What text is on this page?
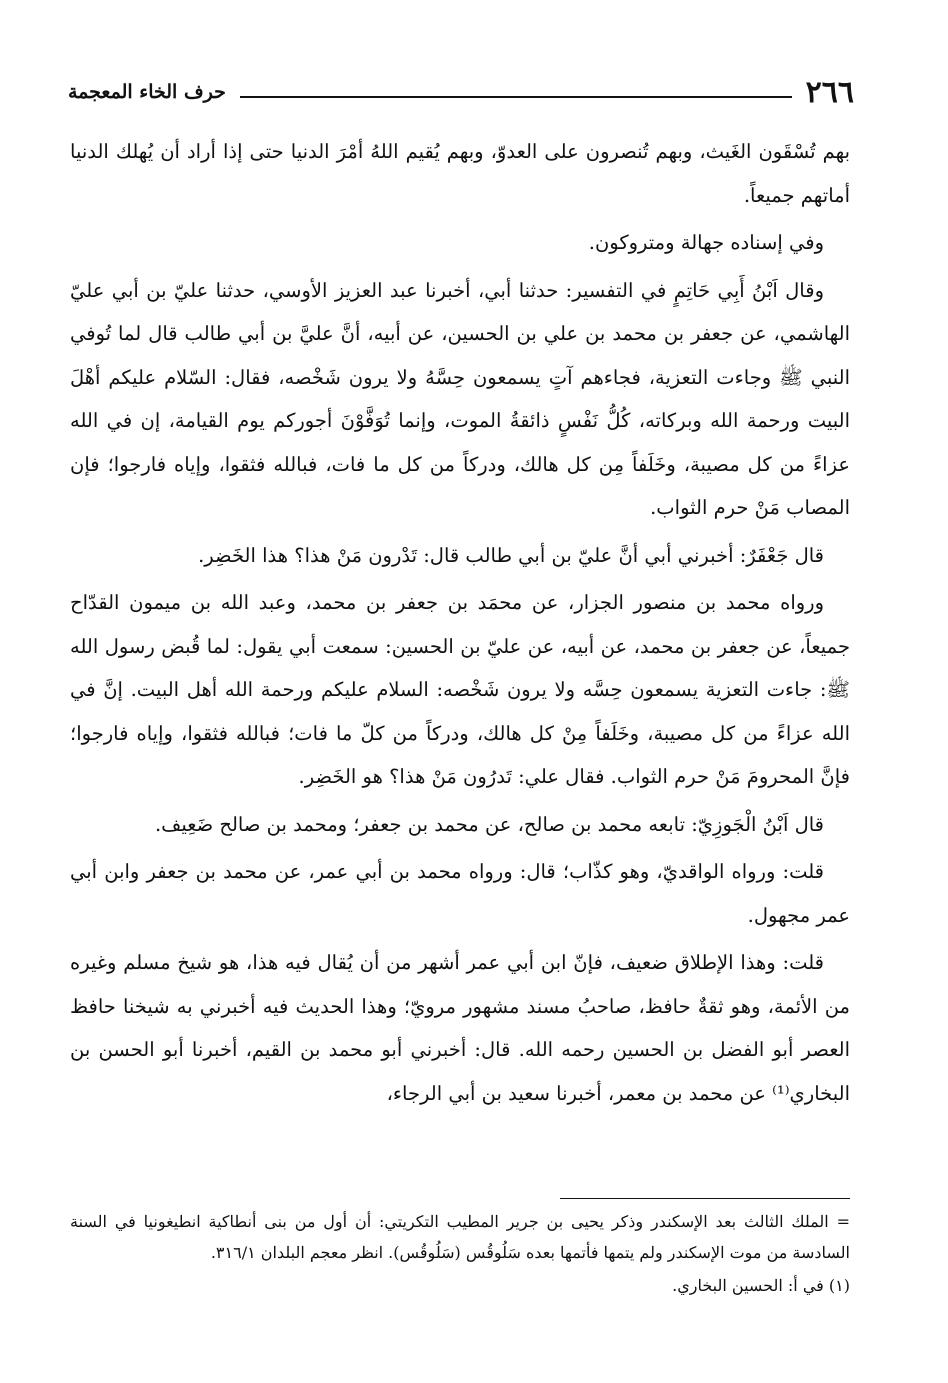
٢٦٦
حرف الخاء المعجمة

بهم تُسْقَون الغَيث، وبهم تُنصرون على العدوّ، وبهم يُقيم اللهُ أمْرَ الدنيا حتى إذا أراد أن يُهلك الدنيا أماتهم جميعاً.

وفي إسناده جهالة ومتروكون.

وقال اَبْنُ أَبِي حَاتِمٍ في التفسير: حدثنا أبي، أخبرنا عبد العزيز الأوسي، حدثنا عليّ بن أبي عليّ الهاشمي، عن جعفر بن محمد بن علي بن الحسين، عن أبيه، أنَّ عليَّ بن أبي طالب قال لما تُوفي النبي ﷺ وجاءت التعزية، فجاءهم آتٍ يسمعون حِسَّهُ ولا يرون شَخْصه، فقال: السّلام عليكم أهْلَ البيت ورحمة الله وبركاته، كُلُّ نَفْسٍ ذائقةُ الموت، وإنما تُوَفَّوْنَ أجوركم يوم القيامة، إن في الله عزاءً من كل مصيبة، وخَلَفاً مِن كل هالك، ودركاً من كل ما فات، فبالله فثقوا، وإياه فارجوا؛ فإن المصاب مَنْ حرم الثواب.

قال جَعْفَرٌ: أخبرني أبي أنَّ عليّ بن أبي طالب قال: تَدْرون مَنْ هذا؟ هذا الخَضِر.

ورواه محمد بن منصور الجزار، عن محمَد بن جعفر بن محمد، وعبد الله بن ميمون القدّاح جميعاً، عن جعفر بن محمد، عن أبيه، عن عليّ بن الحسين: سمعت أبي يقول: لما قُبض رسول الله ﷺ: جاءت التعزية يسمعون حِسَّه ولا يرون شَخْصه: السلام عليكم ورحمة الله أهل البيت. إنَّ في الله عزاءً من كل مصيبة، وخَلَفاً مِنْ كل هالك، ودركاً من كلّ ما فات؛ فبالله فثقوا، وإياه فارجوا؛ فإنَّ المحرومَ مَنْ حرم الثواب. فقال علي: تَدرُون مَنْ هذا؟ هو الخَضِر.

قال اَبْنُ الْجَوزِيّ: تابعه محمد بن صالح، عن محمد بن جعفر؛ ومحمد بن صالح ضَعِيف.

قلت: ورواه الواقديّ، وهو كذّاب؛ قال: ورواه محمد بن أبي عمر، عن محمد بن جعفر وابن أبي عمر مجهول.

قلت: وهذا الإطلاق ضعيف، فإنّ ابن أبي عمر أشهر من أن يُقال فيه هذا، هو شيخ مسلم وغيره من الأئمة، وهو ثقةٌ حافظ، صاحبُ مسند مشهور مرويّ؛ وهذا الحديث فيه أخبرني به شيخنا حافظ العصر أبو الفضل بن الحسين رحمه الله. قال: أخبرني أبو محمد بن القيم، أخبرنا أبو الحسن بن البخاري⁽¹⁾ عن محمد بن معمر، أخبرنا سعيد بن أبي الرجاء،

= الملك الثالث بعد الإسكندر وذكر يحيى بن جرير المطيب التكريتي: أن أول من بنى أنطاكية انطيغونيا في السنة السادسة من موت الإسكندر ولم يتمها فأتمها بعده سَلُوقُس (سَلُوقُس). انظر معجم البلدان ٣١٦/١.

(١) في أ: الحسين البخاري.
